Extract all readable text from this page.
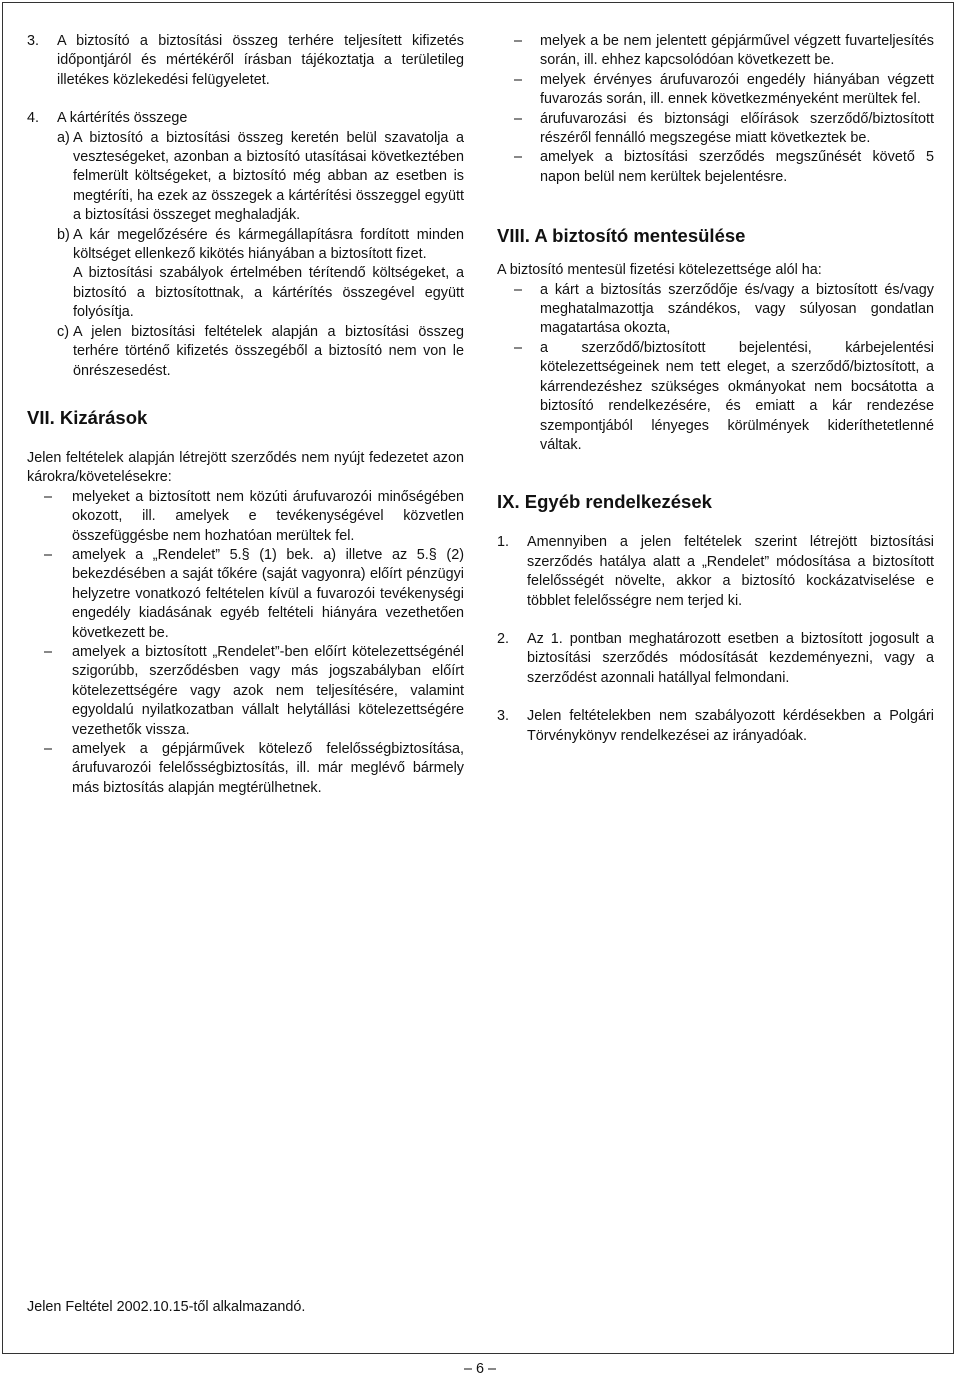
3. A biztosító a biztosítási összeg terhére teljesített kifizetés időpontjáról és mértékéről írásban tájékoztatja a területileg illetékes közlekedési felügyeletet.
4. A kártérítés összege
a) A biztosító a biztosítási összeg keretén belül szavatolja a veszteségeket, azonban a biztosító utasításai következtében felmerült költségeket, a biztosító még abban az esetben is megtéríti, ha ezek az összegek a kártérítési összeggel együtt a biztosítási összeget meghaladják.
b) A kár megelőzésére és kármegállapításra fordított minden költséget ellenkező kikötés hiányában a biztosított fizet.
A biztosítási szabályok értelmében térítendő költségeket, a biztosító a biztosítottnak, a kártérítés összegével együtt folyósítja.
c) A jelen biztosítási feltételek alapján a biztosítási összeg terhére történő kifizetés összegéből a biztosító nem von le önrészesedést.
VII. Kizárások
Jelen feltételek alapján létrejött szerződés nem nyújt fedezetet azon károkra/követelésekre:
– melyeket a biztosított nem közúti árufuvarozói minőségében okozott, ill. amelyek e tevékenységével közvetlen összefüggésbe nem hozhatóan merültek fel.
– amelyek a „Rendelet” 5.§ (1) bek. a) illetve az 5.§ (2) bekezdésében a saját tőkére (saját vagyonra) előírt pénzügyi helyzetre vonatkozó feltételen kívül a fuvarozói tevékenységi engedély kiadásának egyéb feltételi hiányára vezethetően következett be.
– amelyek a biztosított „Rendelet”-ben előírt kötelezettségénél szigorúbb, szerződésben vagy más jogszabályban előírt kötelezettségére vagy azok nem teljesítésére, valamint egyoldalú nyilatkozatban vállalt helytállási kötelezettségére vezethetők vissza.
– amelyek a gépjárművek kötelező felelősségbiztosítása, árufuvarozói felelősségbiztosítás, ill. már meglévő bármely más biztosítás alapján megtérülhetnek.
– melyek a be nem jelentett gépjárművel végzett fuvarteljesítés során, ill. ehhez kapcsolódóan következett be.
– melyek érvényes árufuvarozói engedély hiányában végzett fuvarozás során, ill. ennek következményeként merültek fel.
– árufuvarozási és biztonsági előírások szerződő/biztosított részéről fennálló megszegése miatt következtek be.
– amelyek a biztosítási szerződés megszűnését követő 5 napon belül nem kerültek bejelentésre.
VIII. A biztosító mentesülése
A biztosító mentesül fizetési kötelezettsége alól ha:
– a kárt a biztosítás szerződője és/vagy a biztosított és/vagy meghatalmazottja szándékos, vagy súlyosan gondatlan magatartása okozta,
– a szerződő/biztosított bejelentési, kárbejelentési kötelezettségeinek nem tett eleget, a szerződő/biztosított, a kárrendezéshez szükséges okmányokat nem bocsátotta a biztosító rendelkezésére, és emiatt a kár rendezése szempontjából lényeges körülmények kideríthetetlenné váltak.
IX. Egyéb rendelkezések
1. Amennyiben a jelen feltételek szerint létrejött biztosítási szerződés hatálya alatt a „Rendelet” módosítása a biztosított felelősségét növelte, akkor a biztosító kockázatviselése e többlet felelősségre nem terjed ki.
2. Az 1. pontban meghatározott esetben a biztosított jogosult a biztosítási szerződés módosítását kezdeményezni, vagy a szerződést azonnali hatállyal felmondani.
3. Jelen feltételekben nem szabályozott kérdésekben a Polgári Törvénykönyv rendelkezései az irányadóak.
Jelen Feltétel 2002.10.15-től alkalmazandó.
– 6 –
